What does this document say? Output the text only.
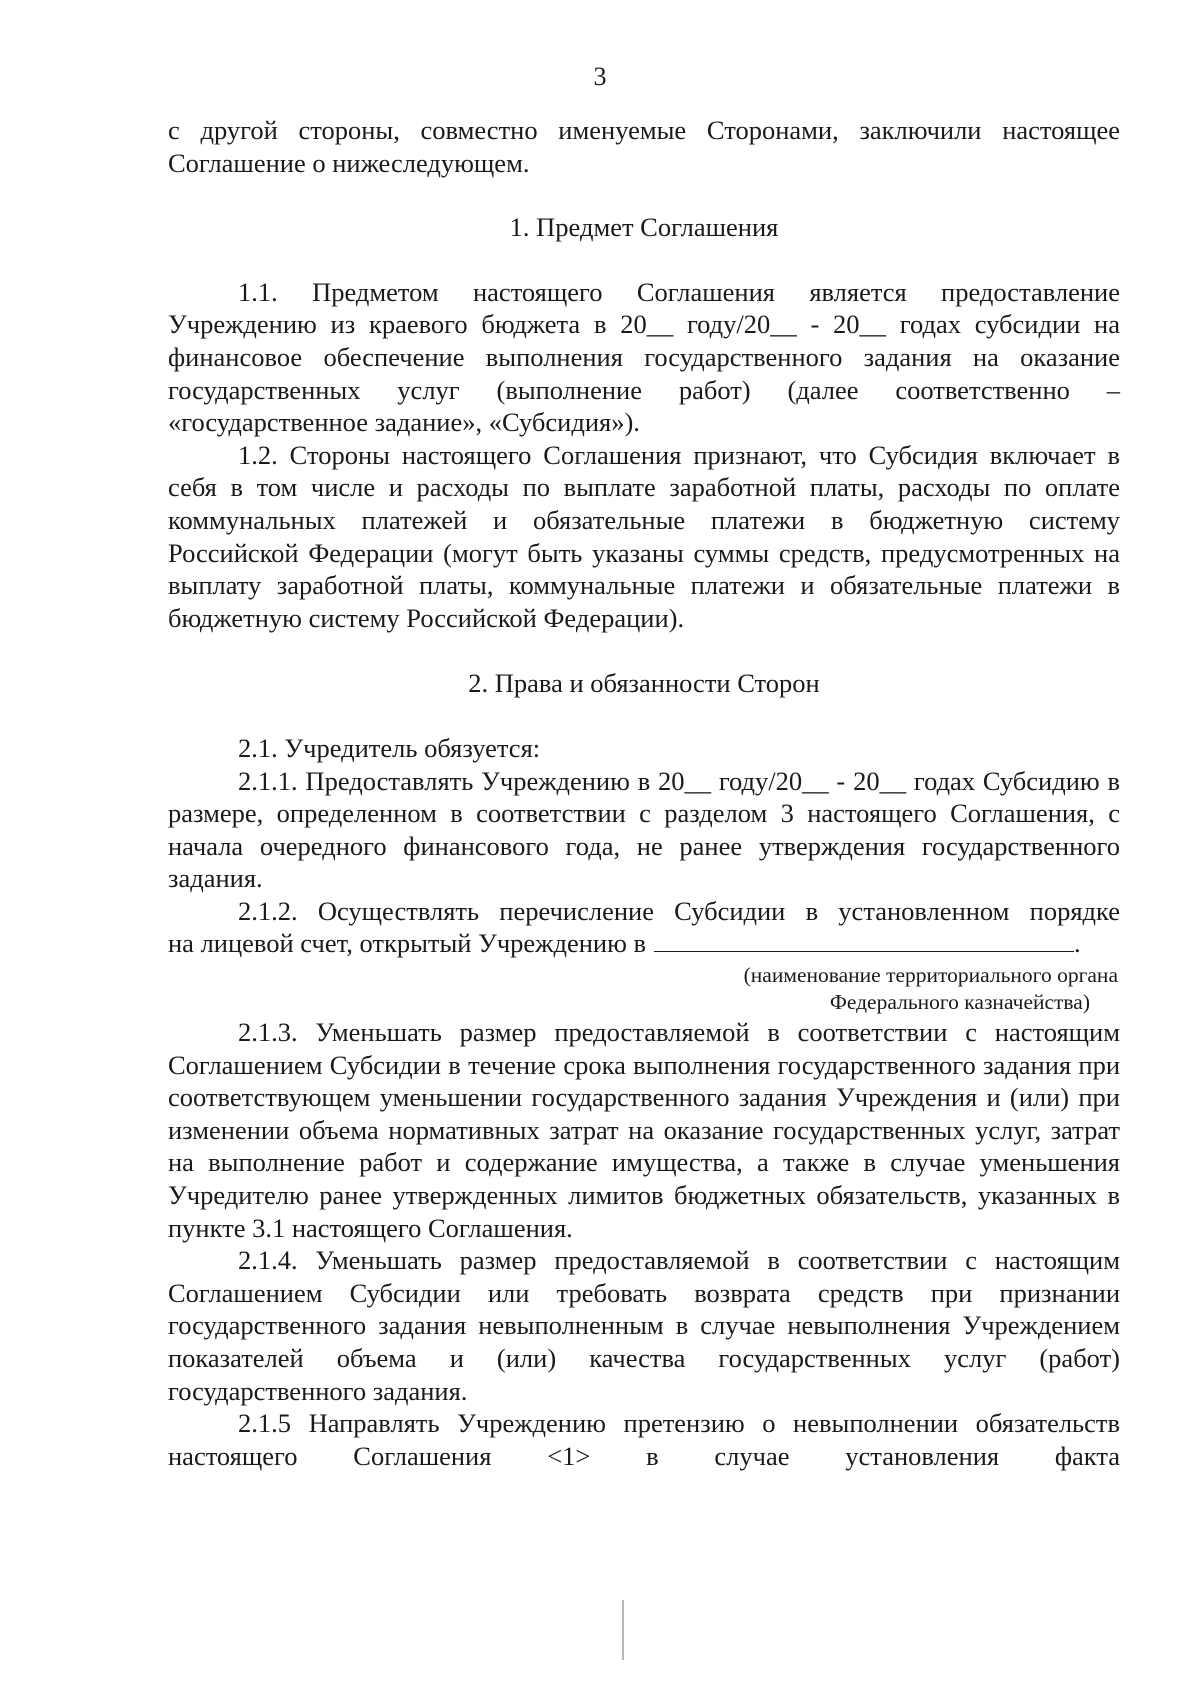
3

с другой стороны, совместно именуемые Сторонами, заключили настоящее Соглашение о нижеследующем.

1. Предмет Соглашения

1.1. Предметом настоящего Соглашения является предоставление Учреждению из краевого бюджета в 20__ году/20__ - 20__ годах субсидии на финансовое обеспечение выполнения государственного задания на оказание государственных услуг (выполнение работ) (далее соответственно – «государственное задание», «Субсидия»).

1.2. Стороны настоящего Соглашения признают, что Субсидия включает в себя в том числе и расходы по выплате заработной платы, расходы по оплате коммунальных платежей и обязательные платежи в бюджетную систему Российской Федерации (могут быть указаны суммы средств, предусмотренных на выплату заработной платы, коммунальные платежи и обязательные платежи в бюджетную систему Российской Федерации).

2. Права и обязанности Сторон

2.1. Учредитель обязуется:

2.1.1. Предоставлять Учреждению в 20__ году/20__ - 20__ годах Субсидию в размере, определенном в соответствии с разделом 3 настоящего Соглашения, с начала очередного финансового года, не ранее утверждения государственного задания.

2.1.2. Осуществлять перечисление Субсидии в установленном порядке

на лицевой счет, открытый Учреждению в	.

(наименование территориального органа
Федерального казначейства)

2.1.3. Уменьшать размер предоставляемой в соответствии с настоящим Соглашением Субсидии в течение срока выполнения государственного задания при соответствующем уменьшении государственного задания Учреждения и (или) при изменении объема нормативных затрат на оказание государственных услуг, затрат на выполнение работ и содержание имущества, а также в случае уменьшения Учредителю ранее утвержденных лимитов бюджетных обязательств, указанных в пункте 3.1 настоящего Соглашения.

2.1.4. Уменьшать размер предоставляемой в соответствии с настоящим Соглашением Субсидии или требовать возврата средств при признании государственного задания невыполненным в случае невыполнения Учреждением показателей объема и (или) качества государственных услуг (работ) государственного задания.

2.1.5 Направлять Учреждению претензию о невыполнении обязательств настоящего Соглашения <1> в случае установления факта
